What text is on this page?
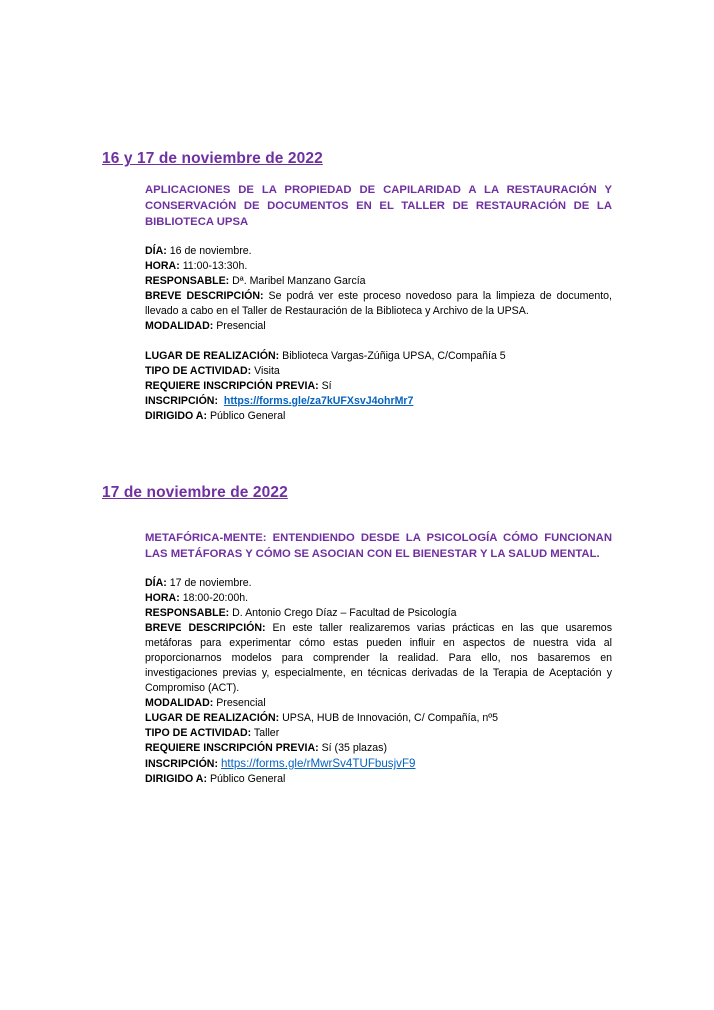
16 y 17 de noviembre de 2022
APLICACIONES DE LA PROPIEDAD DE CAPILARIDAD A LA RESTAURACIÓN Y CONSERVACIÓN DE DOCUMENTOS EN EL TALLER DE RESTAURACIÓN DE LA BIBLIOTECA UPSA

DÍA: 16 de noviembre.

HORA: 11:00-13:30h.

RESPONSABLE: Dª. Maribel Manzano García

BREVE DESCRIPCIÓN: Se podrá ver este proceso novedoso para la limpieza de documento, llevado a cabo en el Taller de Restauración de la Biblioteca y Archivo de la UPSA.

MODALIDAD: Presencial

LUGAR DE REALIZACIÓN: Biblioteca Vargas-Zúñiga UPSA, C/Compañía 5

TIPO DE ACTIVIDAD: Visita

REQUIERE INSCRIPCIÓN PREVIA: Sí

INSCRIPCIÓN: https://forms.gle/za7kUFXsvJ4ohrMr7

DIRIGIDO A: Público General

17 de noviembre de 2022
METAFÓRICA-MENTE: ENTENDIENDO DESDE LA PSICOLOGÍA CÓMO FUNCIONAN LAS METÁFORAS Y CÓMO SE ASOCIAN CON EL BIENESTAR Y LA SALUD MENTAL.

DÍA: 17 de noviembre.

HORA: 18:00-20:00h.

RESPONSABLE: D. Antonio Crego Díaz – Facultad de Psicología

BREVE DESCRIPCIÓN: En este taller realizaremos varias prácticas en las que usaremos metáforas para experimentar cómo estas pueden influir en aspectos de nuestra vida al proporcionarnos modelos para comprender la realidad. Para ello, nos basaremos en investigaciones previas y, especialmente, en técnicas derivadas de la Terapia de Aceptación y Compromiso (ACT).

MODALIDAD: Presencial

LUGAR DE REALIZACIÓN: UPSA, HUB de Innovación, C/ Compañía, nº5

TIPO DE ACTIVIDAD: Taller

REQUIERE INSCRIPCIÓN PREVIA: Sí (35 plazas)

INSCRIPCIÓN: https://forms.gle/rMwrSv4TUFbusjvF9

DIRIGIDO A: Público General
